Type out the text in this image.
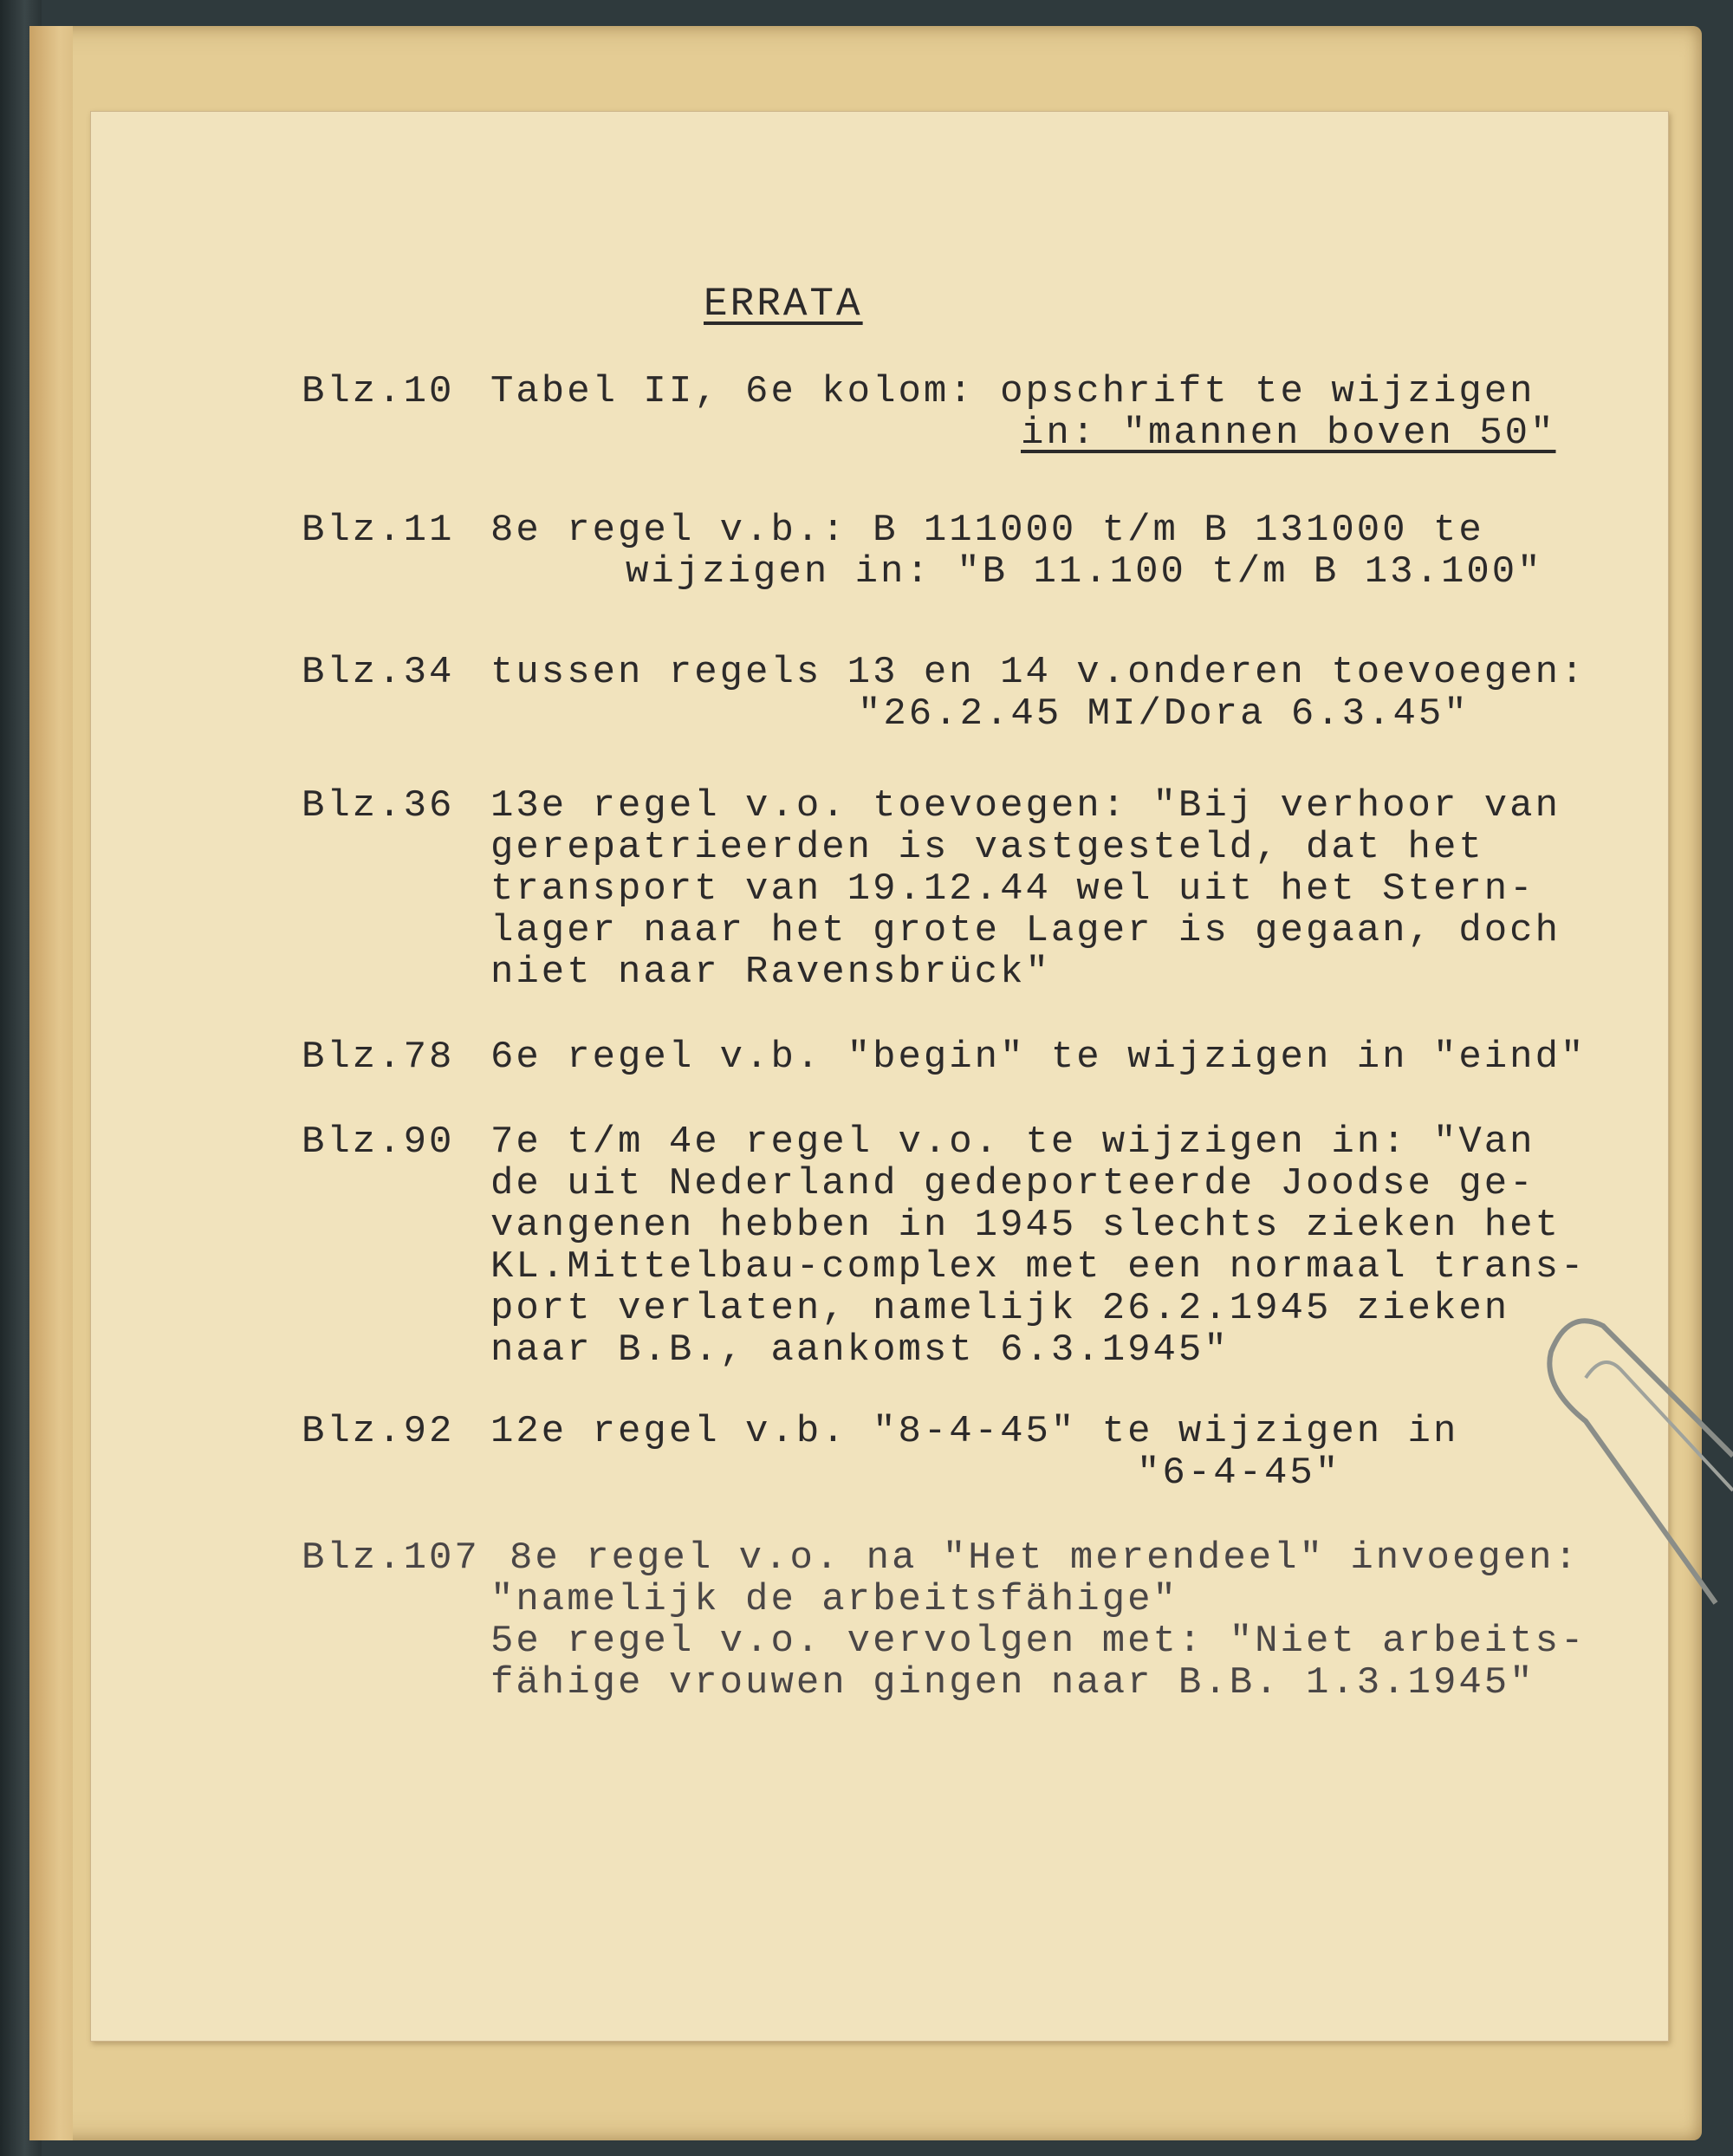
ERRATA
Blz.10 Tabel II, 6e kolom: opschrift te wijzigen
in: "mannen boven 50"
Blz.11 8e regel v.b.: B 111000 t/m B 131000 te
wijzigen in: "B 11.100 t/m B 13.100"
Blz.34 tussen regels 13 en 14 v.onderen toevoegen:
"26.2.45 MI/Dora 6.3.45"
Blz.36 13e regel v.o. toevoegen: "Bij verhoor van
gerepatrieerden is vastgesteld, dat het
transport van 19.12.44 wel uit het Stern-
lager naar het grote Lager is gegaan, doch
niet naar Ravensbrück"
Blz.78 6e regel v.b. "begin" te wijzigen in "eind"
Blz.90 7e t/m 4e regel v.o. te wijzigen in: "Van
de uit Nederland gedeporteerde Joodse ge-
vangenen hebben in 1945 slechts zieken het
KL.Mittelbau-complex met een normaal trans-
port verlaten, namelijk 26.2.1945 zieken
naar B.B., aankomst 6.3.1945"
Blz.92 12e regel v.b. "8-4-45" te wijzigen in
"6-4-45"
Blz.107 8e regel v.o. na "Het merendeel" invoegen:
"namelijk de arbeitsfähige"
5e regel v.o. vervolgen met: "Niet arbeits-
fähige vrouwen gingen naar B.B. 1.3.1945"
